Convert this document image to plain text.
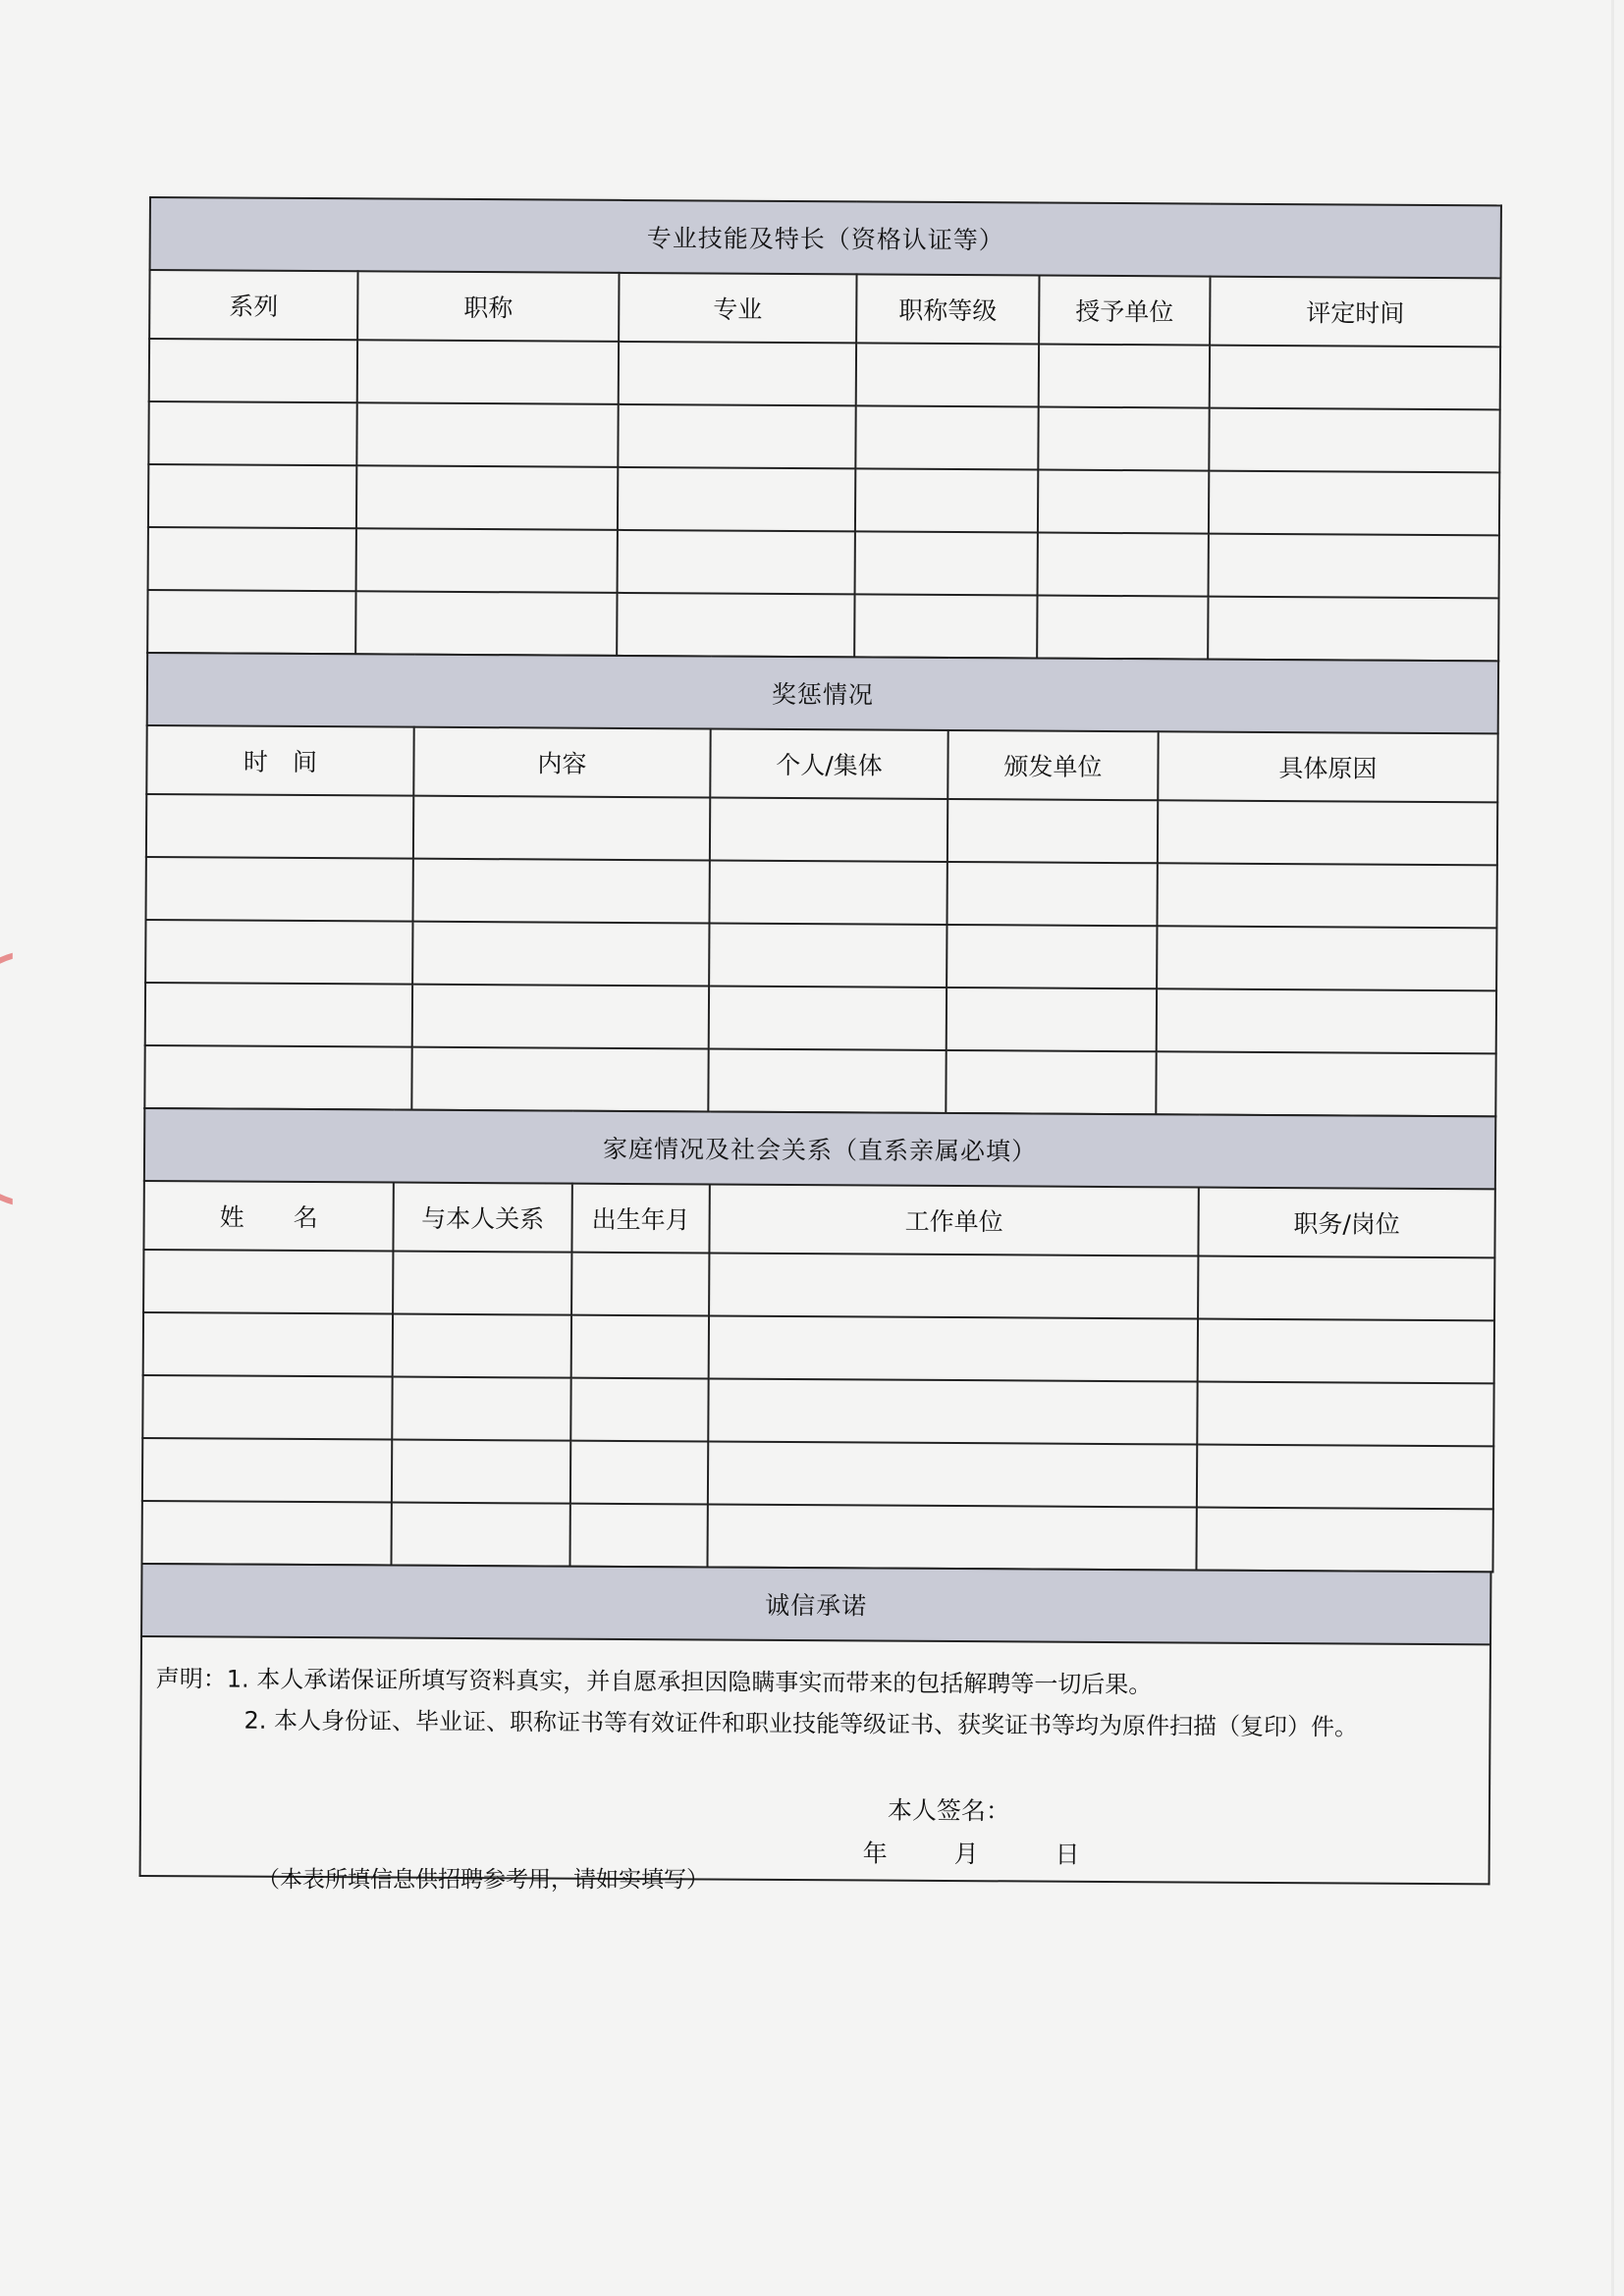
专业技能及特长（资格认证等）					
系列	职称	专业	职称等级	授予单位	评定时间

奖惩情况				
时　间	内容	个人/集体	颁发单位	具体原因

家庭情况及社会关系（直系亲属必填）				
姓　　名	与本人关系	出生年月	工作单位	职务/岗位

诚信承诺
声明：1. 本人承诺保证所填写资料真实，并自愿承担因隐瞒事实而带来的包括解聘等一切后果。
2. 本人身份证、毕业证、职称证书等有效证件和职业技能等级证书、获奖证书等均为原件扫描（复印）件。
本人签名：
年	月	日
（本表所填信息供招聘参考用，请如实填写）
